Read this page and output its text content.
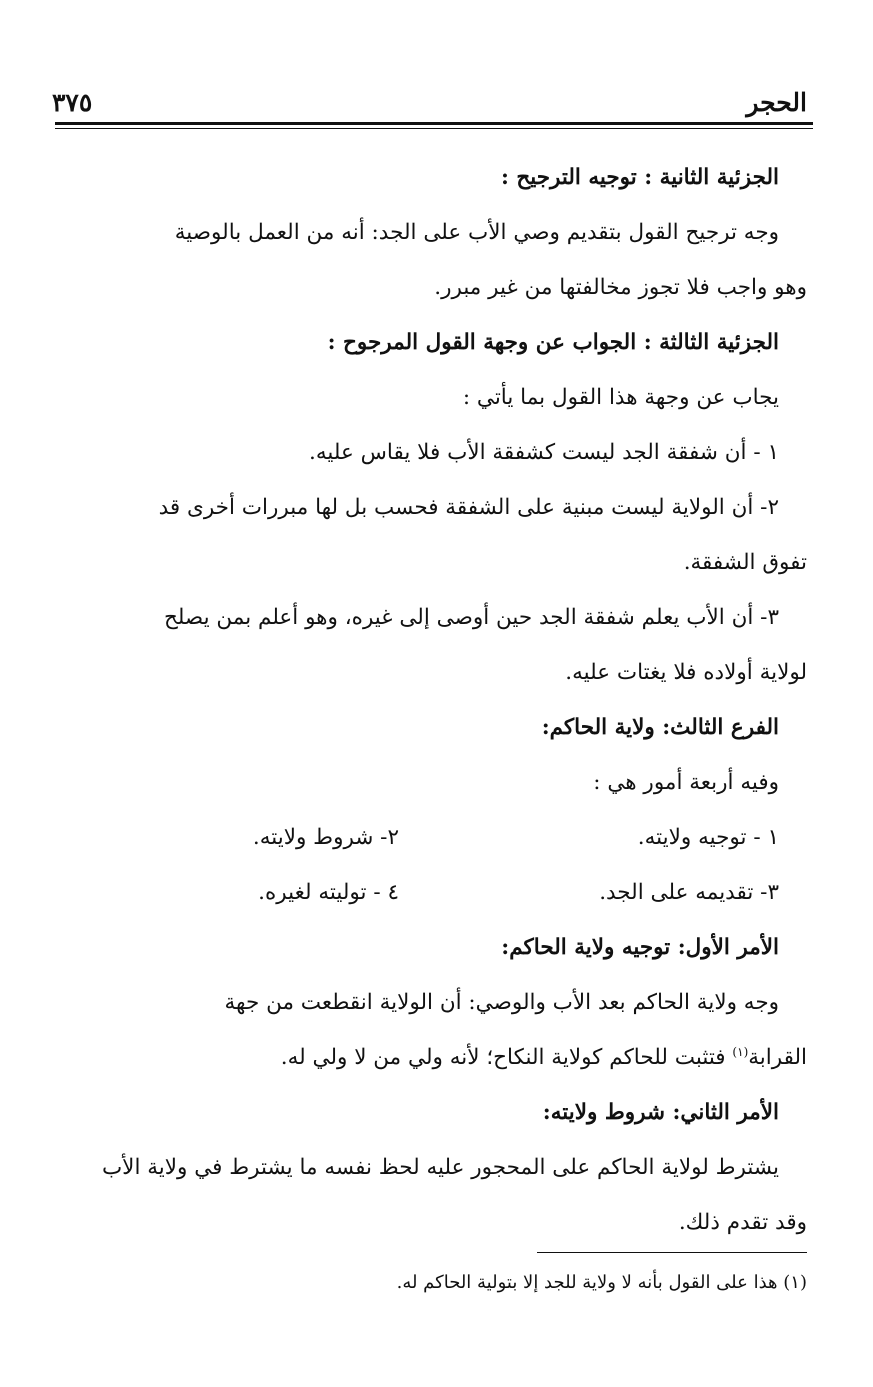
الحجر
٣٧٥
الجزئية الثانية : توجيه الترجيح :
وجه ترجيح القول بتقديم وصي الأب على الجد: أنه من العمل بالوصية
وهو واجب فلا تجوز مخالفتها من غير مبرر.
الجزئية الثالثة : الجواب عن وجهة القول المرجوح :
يجاب عن وجهة هذا القول بما يأتي :
١ - أن شفقة الجد ليست كشفقة الأب فلا يقاس عليه.
٢- أن الولاية ليست مبنية على الشفقة فحسب بل لها مبررات أخرى قد
تفوق الشفقة.
٣- أن الأب يعلم شفقة الجد حين أوصى إلى غيره، وهو أعلم بمن يصلح
لولاية أولاده فلا يغتات عليه.
الفرع الثالث: ولاية الحاكم:
وفيه أربعة أمور هي :
١ - توجيه ولايته.
٢- شروط ولايته.
٣- تقديمه على الجد.
٤ - توليته لغيره.
الأمر الأول: توجيه ولاية الحاكم:
وجه ولاية الحاكم بعد الأب والوصي: أن الولاية انقطعت من جهة
القرابة$^{(١)}$ فتثبت للحاكم كولاية النكاح؛ لأنه ولي من لا ولي له.
الأمر الثاني: شروط ولايته:
يشترط لولاية الحاكم على المحجور عليه لحظ نفسه ما يشترط في ولاية الأب
وقد تقدم ذلك.
(١) هذا على القول بأنه لا ولاية للجد إلا بتولية الحاكم له.
